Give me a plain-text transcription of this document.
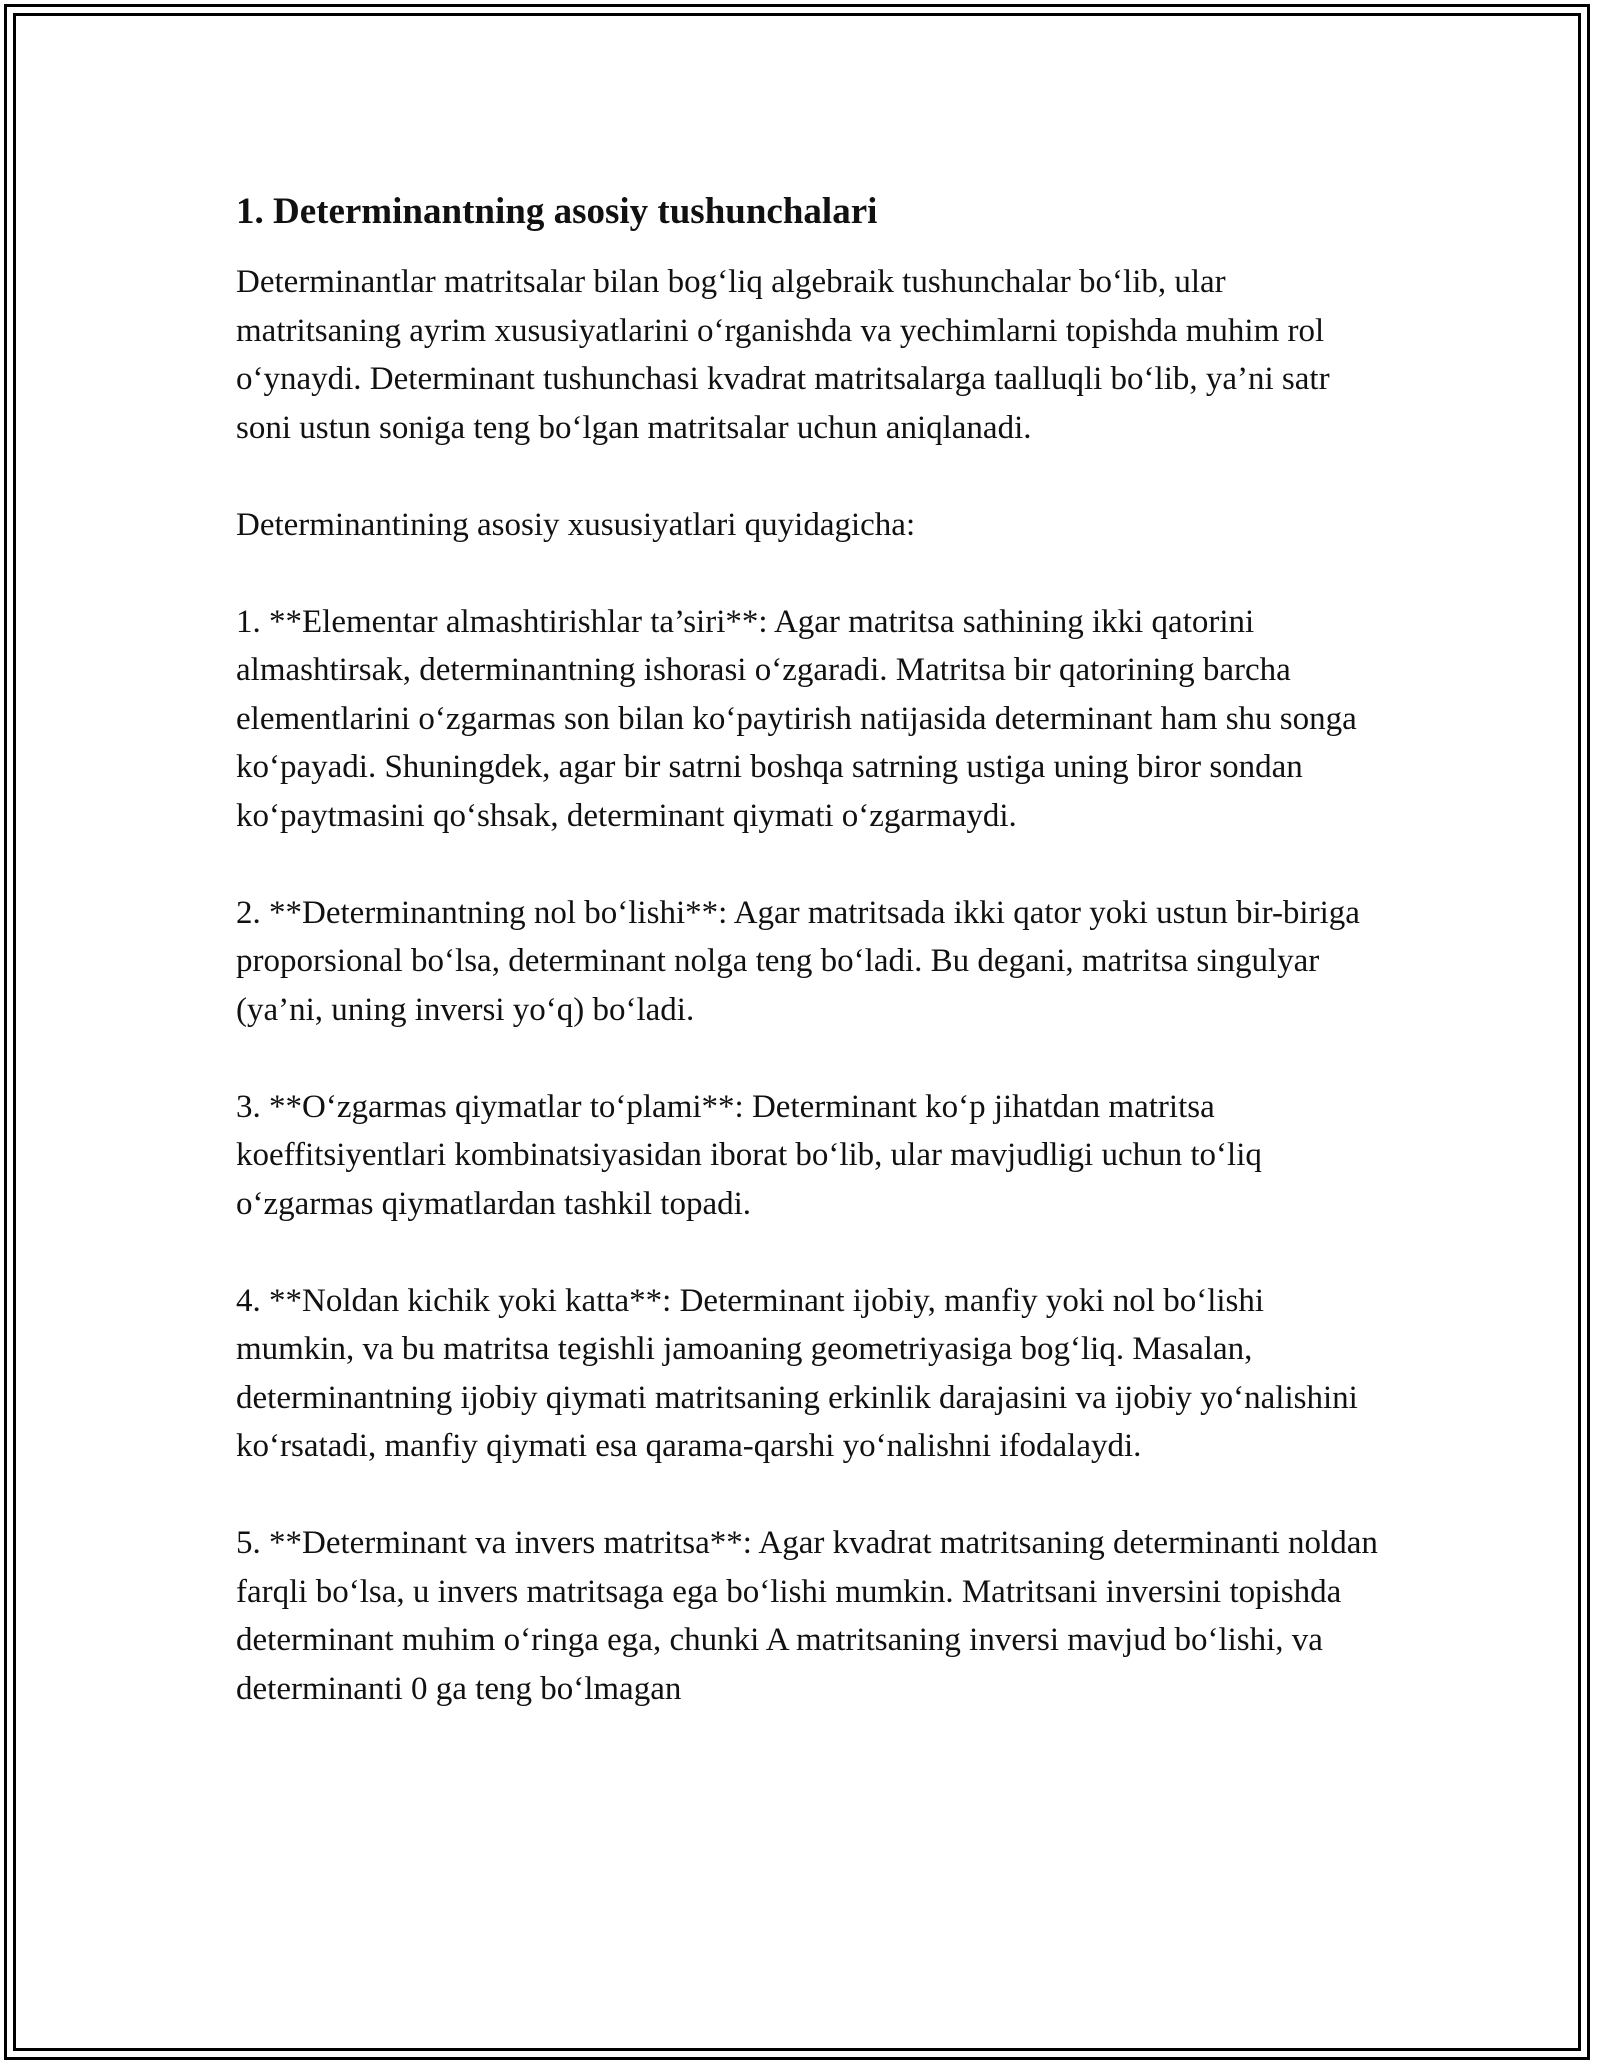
1. Determinantning asosiy tushunchalari

Determinantlar matritsalar bilan bog‘liq algebraik tushunchalar bo‘lib, ular matritsaning ayrim xususiyatlarini o‘rganishda va yechimlarni topishda muhim rol o‘ynaydi. Determinant tushunchasi kvadrat matritsalarga taalluqli bo‘lib, ya’ni satr soni ustun soniga teng bo‘lgan matritsalar uchun aniqlanadi.

Determinantining asosiy xususiyatlari quyidagicha:

1. **Elementar almashtirishlar ta’siri**: Agar matritsa sathining ikki qatorini almashtirsak, determinantning ishorasi o‘zgaradi. Matritsa bir qatorining barcha elementlarini o‘zgarmas son bilan ko‘paytirish natijasida determinant ham shu songa ko‘payadi. Shuningdek, agar bir satrni boshqa satrning ustiga uning biror sondan ko‘paytmasini qo‘shsak, determinant qiymati o‘zgarmaydi.

2. **Determinantning nol bo‘lishi**: Agar matritsada ikki qator yoki ustun bir-biriga proporsional bo‘lsa, determinant nolga teng bo‘ladi. Bu degani, matritsa singulyar (ya’ni, uning inversi yo‘q) bo‘ladi.

3. **O‘zgarmas qiymatlar to‘plami**: Determinant ko‘p jihatdan matritsa koeffitsiyentlari kombinatsiyasidan iborat bo‘lib, ular mavjudligi uchun to‘liq o‘zgarmas qiymatlardan tashkil topadi.

4. **Noldan kichik yoki katta**: Determinant ijobiy, manfiy yoki nol bo‘lishi mumkin, va bu matritsa tegishli jamoaning geometriyasiga bog‘liq. Masalan, determinantning ijobiy qiymati matritsaning erkinlik darajasini va ijobiy yo‘nalishini ko‘rsatadi, manfiy qiymati esa qarama-qarshi yo‘nalishni ifodalaydi.

5. **Determinant va invers matritsa**: Agar kvadrat matritsaning determinanti noldan farqli bo‘lsa, u invers matritsaga ega bo‘lishi mumkin. Matritsani inversini topishda determinant muhim o‘ringa ega, chunki A matritsaning inversi mavjud bo‘lishi, va determinanti 0 ga teng bo‘lmagan
